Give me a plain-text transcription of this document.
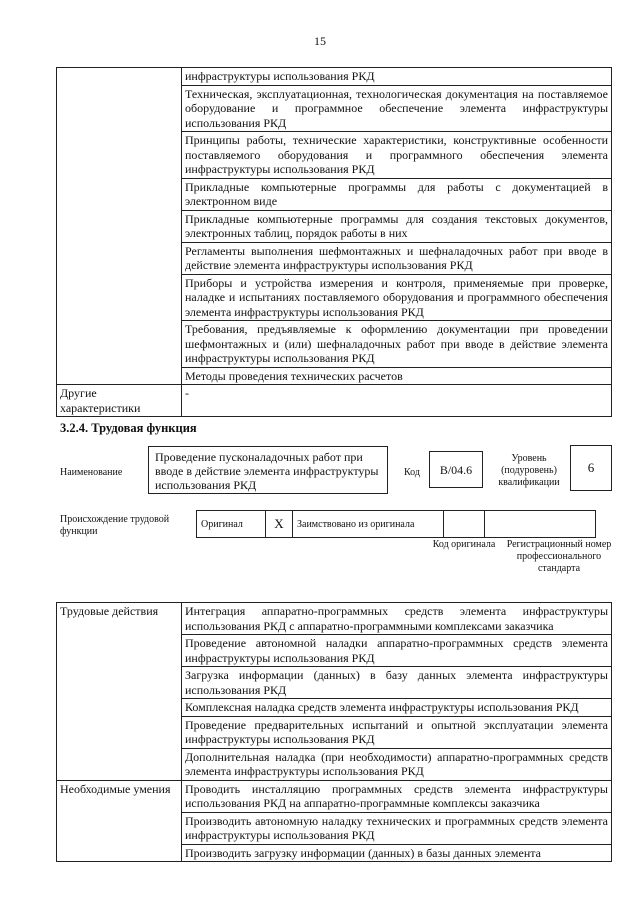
15
	инфраструктуры использования РКД
	Техническая, эксплуатационная, технологическая документация на поставляемое оборудование и программное обеспечение элемента инфраструктуры использования РКД
	Принципы работы, технические характеристики, конструктивные особенности поставляемого оборудования и программного обеспечения элемента инфраструктуры использования РКД
	Прикладные компьютерные программы для работы с документацией в электронном виде
	Прикладные компьютерные программы для создания текстовых документов, электронных таблиц, порядок работы в них
	Регламенты выполнения шефмонтажных и шефналадочных работ при вводе в действие элемента инфраструктуры использования РКД
	Приборы и устройства измерения и контроля, применяемые при проверке, наладке и испытаниях поставляемого оборудования и программного обеспечения элемента инфраструктуры использования РКД
	Требования, предъявляемые к оформлению документации при проведении шефмонтажных и (или) шефналадочных работ при вводе в действие элемента инфраструктуры использования РКД
	Методы проведения технических расчетов
Другие характеристики	-
3.2.4. Трудовая функция
Наименование
Проведение пусконаладочных работ при вводе в действие элемента инфраструктуры использования РКД
Код	B/04.6
Уровень (подуровень) квалификации
6
Происхождение трудовой функции
Оригинал	X	Заимствовано из оригинала		
Код оригинала Регистрационный номер профессионального стандарта
Трудовые действия	Интеграция аппаратно-программных средств элемента инфраструктуры использования РКД с аппаратно-программными комплексами заказчика
	Проведение автономной наладки аппаратно-программных средств элемента инфраструктуры использования РКД
	Загрузка информации (данных) в базу данных элемента инфраструктуры использования РКД
	Комплексная наладка средств элемента инфраструктуры использования РКД
	Проведение предварительных испытаний и опытной эксплуатации элемента инфраструктуры использования РКД
	Дополнительная наладка (при необходимости) аппаратно-программных средств элемента инфраструктуры использования РКД
Необходимые умения	Проводить инсталляцию программных средств элемента инфраструктуры использования РКД на аппаратно-программные комплексы заказчика
	Производить автономную наладку технических и программных средств элемента инфраструктуры использования РКД
	Производить загрузку информации (данных) в базы данных элемента
